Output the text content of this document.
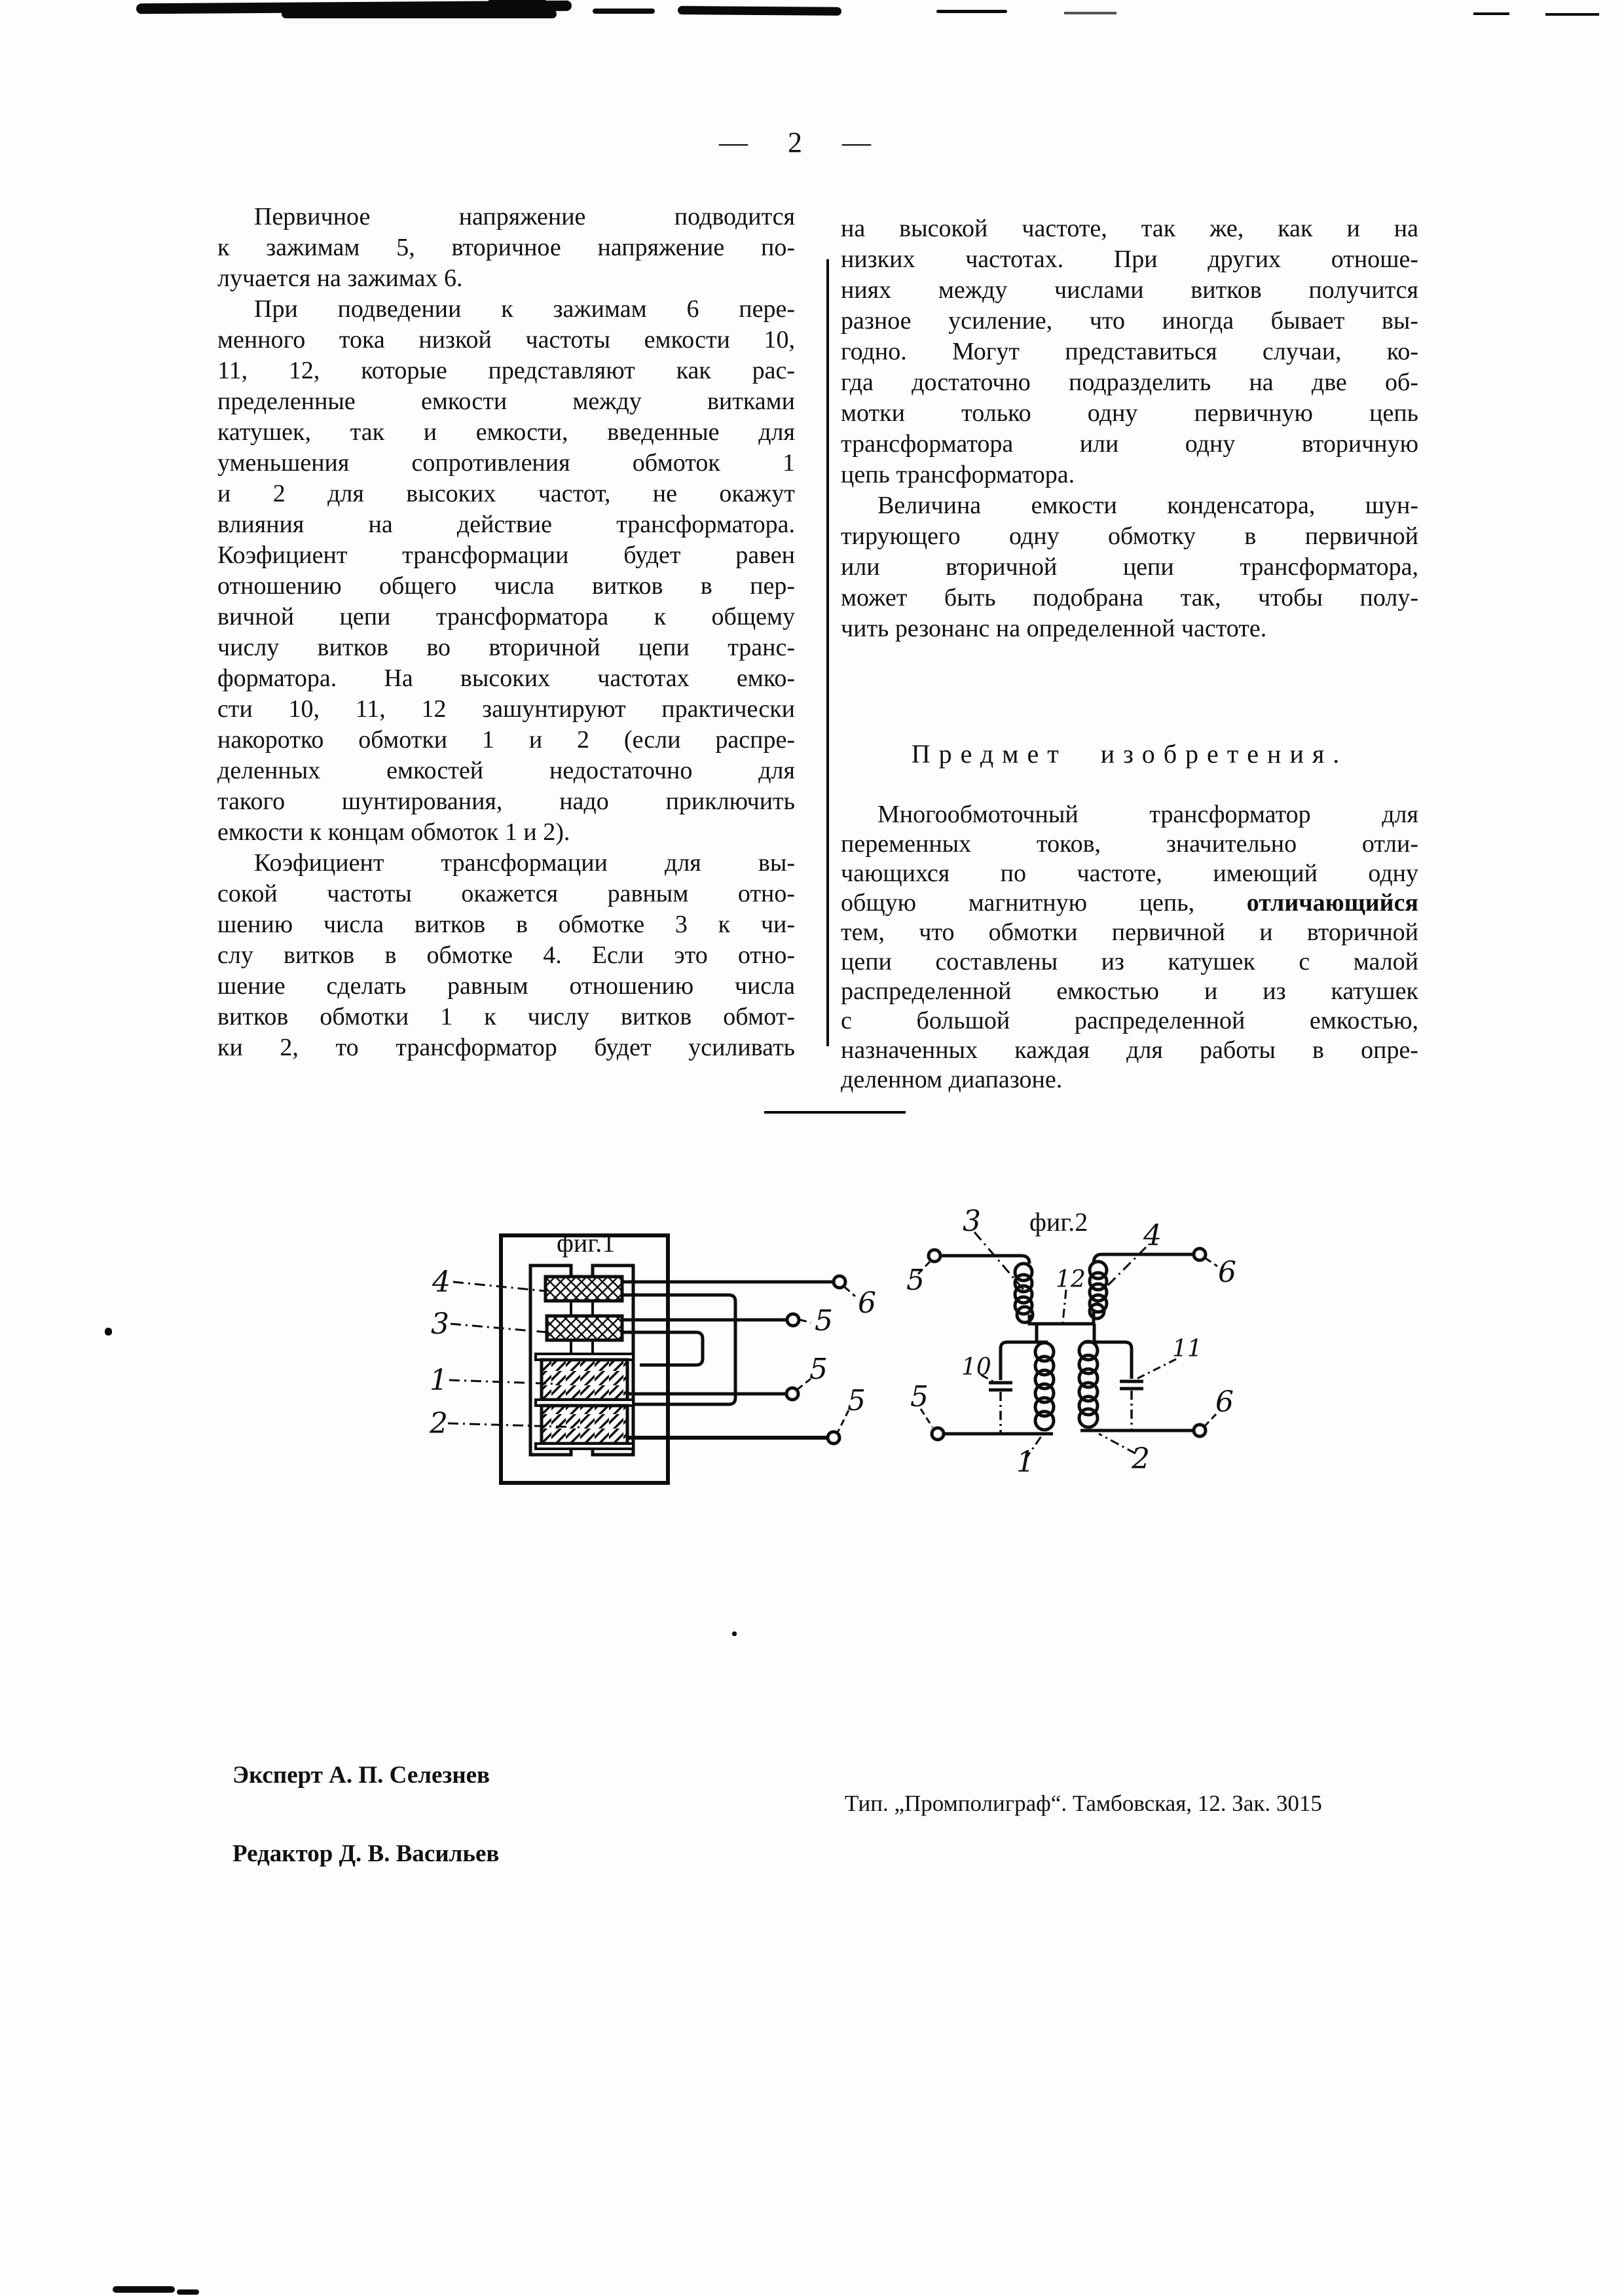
— 2 —
Первичное напряжение подводится
к зажимам 5, вторичное напряжение по-
лучается на зажимах 6.
При подведении к зажимам 6 пере-
менного тока низкой частоты емкости 10,
11, 12, которые представляют как рас-
пределенные емкости между витками
катушек, так и емкости, введенные для
уменьшения сопротивления обмоток 1
и 2 для высоких частот, не окажут
влияния на действие трансформатора.
Коэфициент трансформации будет равен
отношению общего числа витков в пер-
вичной цепи трансформатора к общему
числу витков во вторичной цепи транс-
форматора. На высоких частотах емко-
сти 10, 11, 12 зашунтируют практически
накоротко обмотки 1 и 2 (если распре-
деленных емкостей недостаточно для
такого шунтирования, надо приключить
емкости к концам обмоток 1 и 2).
Коэфициент трансформации для вы-
сокой частоты окажется равным отно-
шению числа витков в обмотке 3 к чи-
слу витков в обмотке 4. Если это отно-
шение сделать равным отношению числа
витков обмотки 1 к числу витков обмот-
ки 2, то трансформатор будет усиливать
на высокой частоте, так же, как и на
низких частотах. При других отноше-
ниях между числами витков получится
разное усиление, что иногда бывает вы-
годно. Могут представиться случаи, ко-
гда достаточно подразделить на две об-
мотки только одну первичную цепь
трансформатора или одну вторичную
цепь трансформатора.
Величина емкости конденсатора, шун-
тирующего одну обмотку в первичной
или вторичной цепи трансформатора,
может быть подобрана так, чтобы полу-
чить резонанс на определенной частоте.
Предмет изобретения.
Многообмоточный трансформатор для
переменных токов, значительно отли-
чающихся по частоте, имеющий одну
общую магнитную цепь, отличающийся
тем, что обмотки первичной и вторичной
цепи составлены из катушек с малой
распределенной емкостью и из катушек
с большой распределенной емкостью,
назначенных каждая для работы в опре-
деленном диапазоне.
фиг.1
4
3
1
2
6
5
5
5
фиг.2
3	4
12
10
11
5	6
5	6
1	2
Эксперт А. П. Селезнев
Редактор Д. В. Васильев
Тип. „Промполиграф“. Тамбовская, 12. Зак. 3015
